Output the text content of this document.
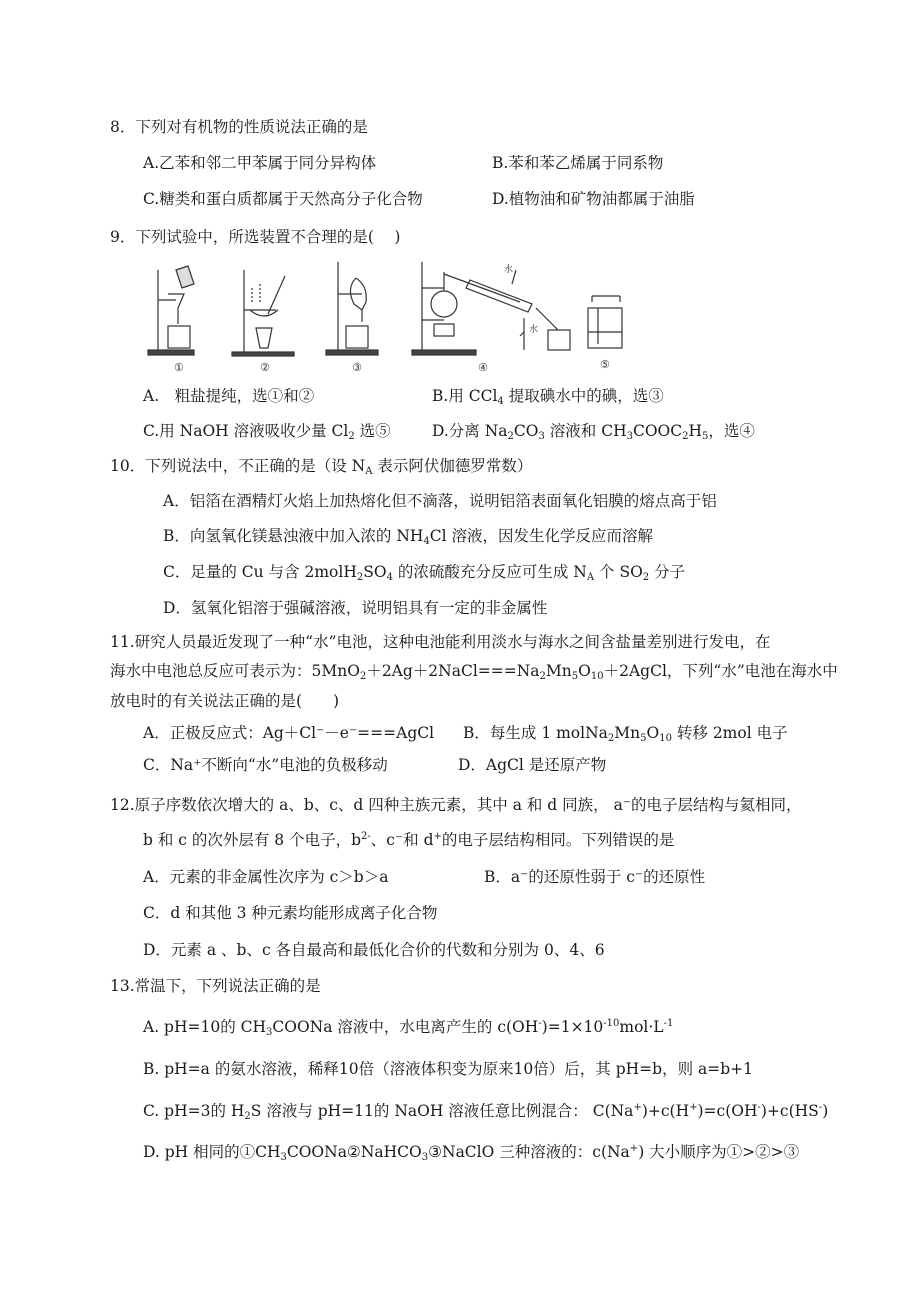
8．下列对有机物的性质说法正确的是
A.乙苯和邻二甲苯属于同分异构体	B.苯和苯乙烯属于同系物
C.糖类和蛋白质都属于天然高分子化合物	D.植物油和矿物油都属于油脂
9．下列试验中，所选装置不合理的是(　 )
①	②	③
水
水
④	⑤
A.　粗盐提纯，选①和②	B.用 CCl$_4$ 提取碘水中的碘，选③
C.用 NaOH 溶液吸收少量 $Cl_2$ 选⑤	D.分离 $Na_2CO_3$ 溶液和 $CH_3COOC_2H_5$，选④
10．下列说法中，不正确的是（设 $N_A$ 表示阿伏伽德罗常数）
A．铝箔在酒精灯火焰上加热熔化但不滴落，说明铝箔表面氧化铝膜的熔点高于铝
B．向氢氧化镁悬浊液中加入浓的 $NH_4Cl$ 溶液，因发生化学反应而溶解
C．足量的 Cu 与含 $2molH_2SO_4$ 的浓硫酸充分反应可生成 $N_A$ 个 $SO_2$ 分子
D．氢氧化铝溶于强碱溶液，说明铝具有一定的非金属性
11.研究人员最近发现了一种“水”电池，这种电池能利用淡水与海水之间含盐量差别进行发电，在
海水中电池总反应可表示为：$5MnO_2+2Ag+2NaCl===Na_2Mn_5O_{10}+2AgCl$，下列“水”电池在海水中
放电时的有关说法正确的是(　　)
A．正极反应式：Ag＋Cl⁻－e⁻===AgCl B．每生成 1 $molNa_2Mn_5O_{10}$ 转移 2mol 电子
C．Na⁺不断向“水”电池的负极移动	D．AgCl 是还原产物
12.原子序数依次增大的 a、b、c、d 四种主族元素，其中 a 和 d 同族， a⁻的电子层结构与氦相同，
b 和 c 的次外层有 8 个电子，$b^{2-}$、c⁻和 d+的电子层结构相同。下列错误的是
A．元素的非金属性次序为 c＞b＞a	B．a⁻的还原性弱于 c⁻的还原性
C．d 和其他 3 种元素均能形成离子化合物
D．元素 a 、b、c 各自最高和最低化合价的代数和分别为 0、4、6
13.常温下，下列说法正确的是
A. pH=10的 $CH_3COONa$ 溶液中，水电离产生的 $c(OH^-)=1\times 10^{-10}mol\cdot L^{-1}$
B. pH=a 的氨水溶液，稀释10倍（溶液体积变为原来10倍）后，其 pH=b，则 a=b+1
C. pH=3的 $H_2S$ 溶液与 pH=11的 NaOH 溶液任意比例混合： C(Na+)+c(H+)=c(OH-)+c(HS-)
D. pH 相同的$①CH_3COONa②NaHCO_3③NaClO$ 三种溶液的：c(Na+) 大小顺序为①>②>③
